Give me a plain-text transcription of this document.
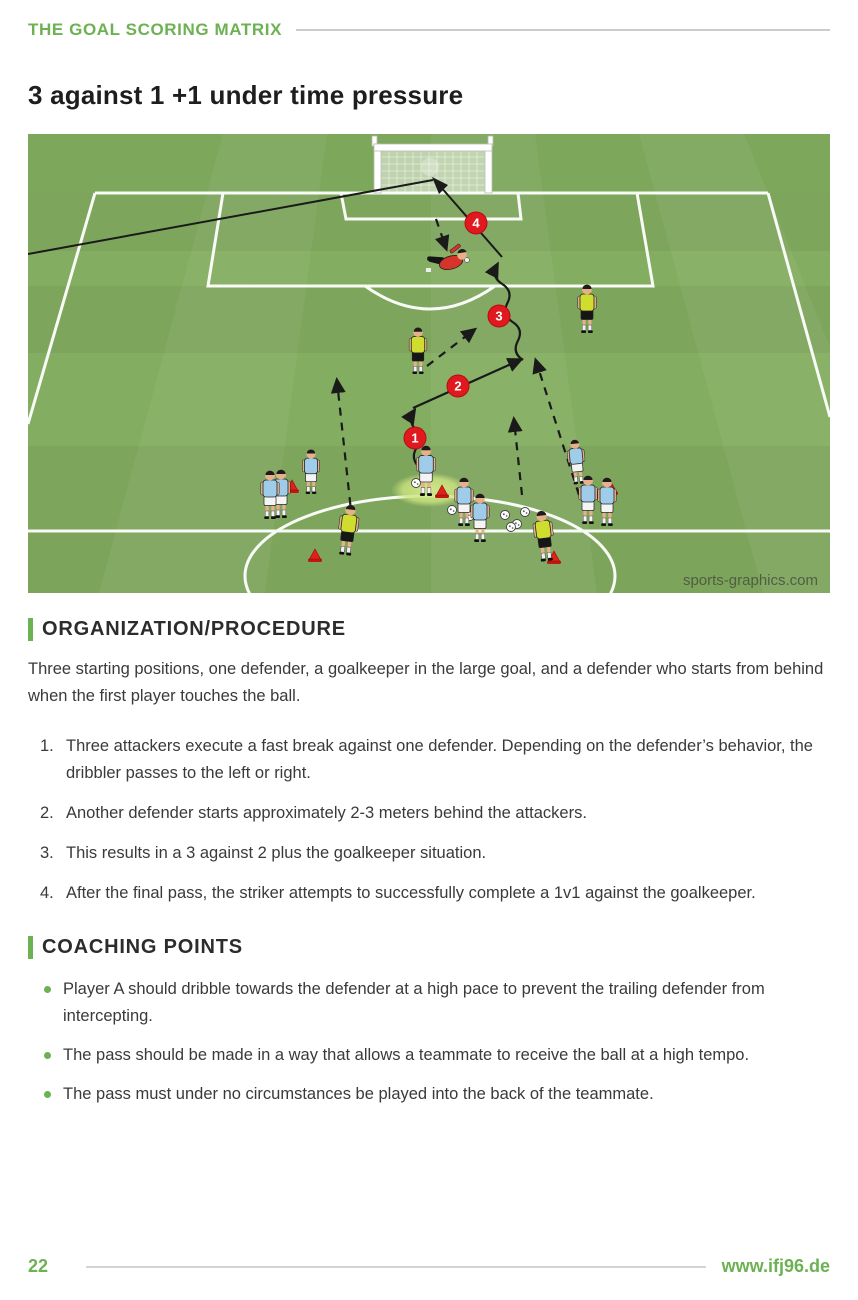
THE GOAL SCORING MATRIX
3 against 1 +1 under time pressure
1
2
3
4
sports-graphics.com
ORGANIZATION/PROCEDURE

Three starting positions, one defender, a goalkeeper in the large goal, and a defender who starts from behind when the first player touches the ball.

1. Three attackers execute a fast break against one defender. Depending on the defender’s behavior, the dribbler passes to the left or right.
2. Another defender starts approximately 2-3 meters behind the attackers.
3. This results in a 3 against 2 plus the goalkeeper situation.
4. After the final pass, the striker attempts to successfully complete a 1v1 against the goalkeeper.
COACHING POINTS
Player A should dribble towards the defender at a high pace to prevent the trailing defender from intercepting.
The pass should be made in a way that allows a teammate to receive the ball at a high tempo.
The pass must under no circumstances be played into the back of the teammate.
22	www.ifj96.de
